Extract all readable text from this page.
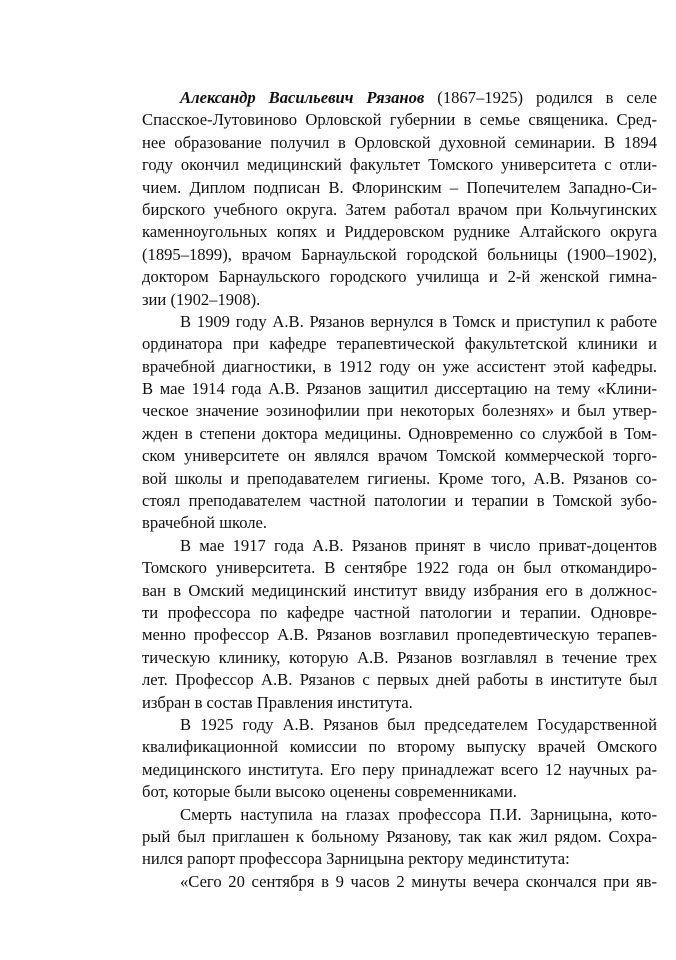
Александр Васильевич Рязанов (1867–1925) родился в селе
Спасское-Лутовиново Орловской губернии в семье священика. Сред-
нее образование получил в Орловской духовной семинарии. В 1894
году окончил медицинский факультет Томского университета с отли-
чием. Диплом подписан В. Флоринским – Попечителем Западно-Си-
бирского учебного округа. Затем работал врачом при Кольчугинских
каменноугольных копях и Риддеровском руднике Алтайского округа
(1895–1899), врачом Барнаульской городской больницы (1900–1902),
доктором Барнаульского городского училища и 2-й женской гимна-
зии (1902–1908).
В 1909 году А.В. Рязанов вернулся в Томск и приступил к работе
ординатора при кафедре терапевтической факультетской клиники и
врачебной диагностики, в 1912 году он уже ассистент этой кафедры.
В мае 1914 года А.В. Рязанов защитил диссертацию на тему «Клини-
ческое значение эозинофилии при некоторых болезнях» и был утвер-
жден в степени доктора медицины. Одновременно со службой в Том-
ском университете он являлся врачом Томской коммерческой торго-
вой школы и преподавателем гигиены. Кроме того, А.В. Рязанов со-
стоял преподавателем частной патологии и терапии в Томской зубо-
врачебной школе.
В мае 1917 года А.В. Рязанов принят в число приват-доцентов
Томского университета. В сентябре 1922 года он был откомандиро-
ван в Омский медицинский институт ввиду избрания его в должнос-
ти профессора по кафедре частной патологии и терапии. Одновре-
менно профессор А.В. Рязанов возглавил пропедевтическую терапев-
тическую клинику, которую А.В. Рязанов возглавлял в течение трех
лет. Профессор А.В. Рязанов с первых дней работы в институте был
избран в состав Правления института.
В 1925 году А.В. Рязанов был председателем Государственной
квалификационной комиссии по второму выпуску врачей Омского
медицинского института. Его перу принадлежат всего 12 научных ра-
бот, которые были высоко оценены современниками.
Смерть наступила на глазах профессора П.И. Зарницына, кото-
рый был приглашен к больному Рязанову, так как жил рядом. Сохра-
нился рапорт профессора Зарницына ректору мединститута:
«Сего 20 сентября в 9 часов 2 минуты вечера скончался при яв-
